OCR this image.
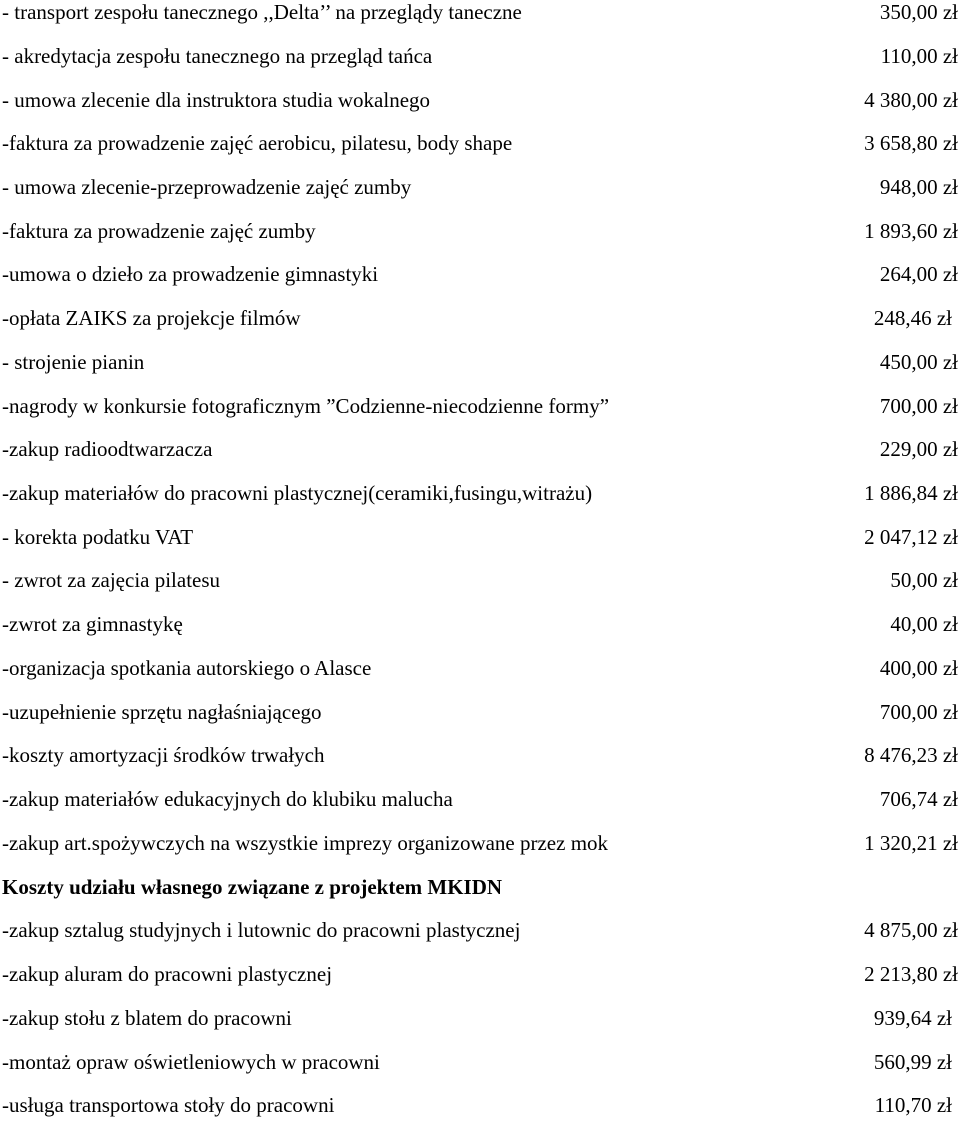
- transport zespołu tanecznego ,,Delta’’ na przeglądy taneczne	350,00 zł
- akredytacja zespołu tanecznego na przegląd tańca	110,00 zł
- umowa zlecenie dla instruktora studia wokalnego	4 380,00 zł
-faktura za prowadzenie zajęć aerobicu, pilatesu, body shape	3 658,80 zł
- umowa zlecenie-przeprowadzenie zajęć zumby	948,00 zł
-faktura za prowadzenie zajęć zumby	1 893,60 zł
-umowa o dzieło za prowadzenie gimnastyki	264,00 zł
-opłata ZAIKS za projekcje filmów	248,46 zł
- strojenie pianin	450,00 zł
-nagrody w konkursie fotograficznym ”Codzienne-niecodzienne formy”	700,00 zł
-zakup radioodtwarzacza	229,00 zł
-zakup materiałów do pracowni plastycznej(ceramiki,fusingu,witrażu)	1 886,84 zł
- korekta podatku VAT	2 047,12 zł
- zwrot za zajęcia pilatesu	50,00 zł
-zwrot za gimnastykę	40,00 zł
-organizacja spotkania autorskiego o Alasce	400,00 zł
-uzupełnienie sprzętu nagłaśniającego	700,00 zł
-koszty amortyzacji środków trwałych	8 476,23 zł
-zakup materiałów edukacyjnych do klubiku malucha	706,74 zł
-zakup art.spożywczych na wszystkie imprezy organizowane przez mok	1 320,21 zł
Koszty udziału własnego związane z projektem MKIDN
-zakup sztalug studyjnych i lutownic do pracowni plastycznej	4 875,00 zł
-zakup aluram do pracowni plastycznej	2 213,80 zł
-zakup stołu z blatem do pracowni	939,64 zł
-montaż opraw oświetleniowych w pracowni	560,99 zł
-usługa transportowa stoły do pracowni	110,70 zł
